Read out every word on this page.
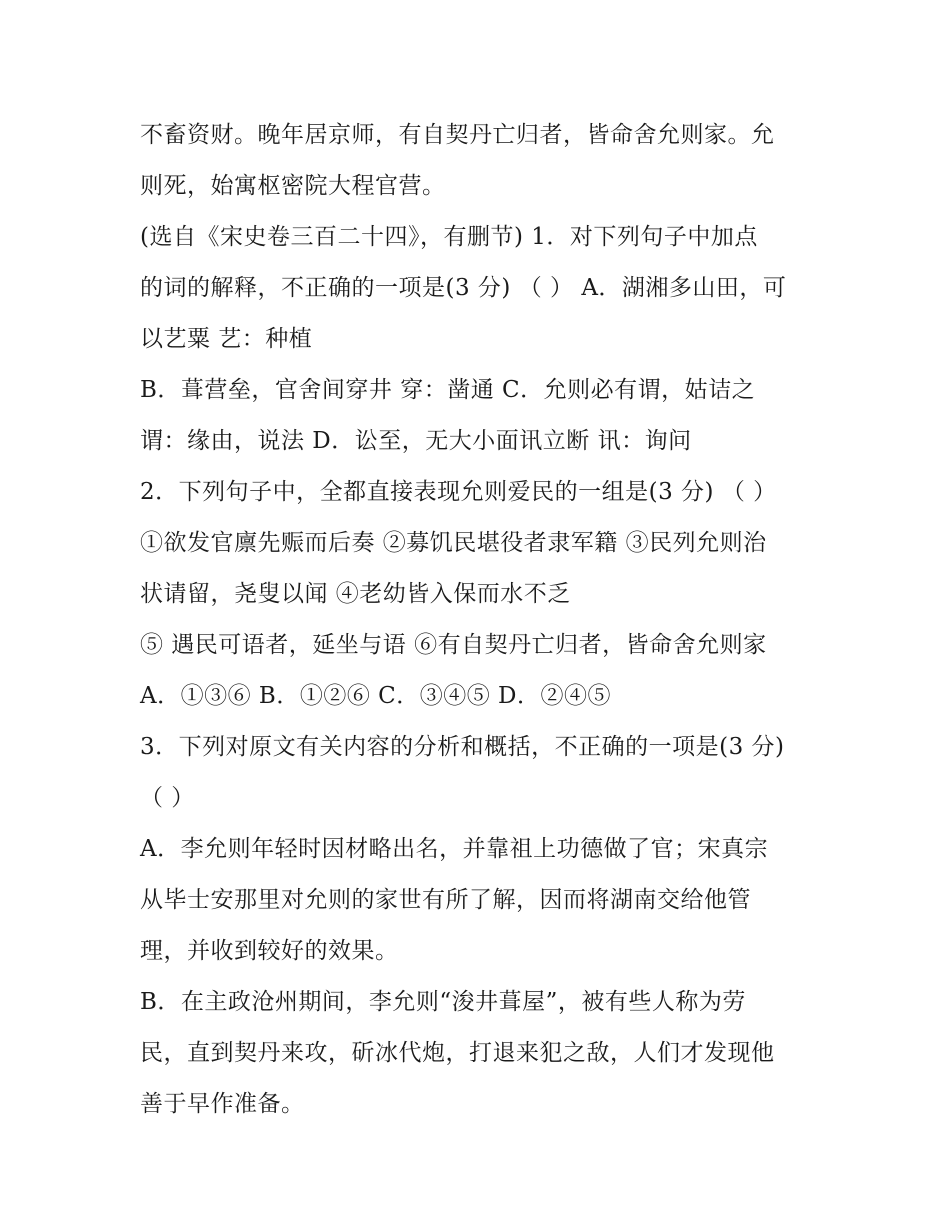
不畜资财。晚年居京师，有自契丹亡归者，皆命舍允则家。允
则死，始寓枢密院大程官营。
(选自《宋史卷三百二十四》，有删节) 1．对下列句子中加点
的词的解释，不正确的一项是(3 分) （ ） A．湖湘多山田，可
以艺粟 艺：种植
B．葺营垒，官舍间穿井 穿：凿通 C．允则必有谓，姑诘之
谓：缘由，说法 D．讼至，无大小面讯立断 讯：询问
2．下列句子中，全都直接表现允则爱民的一组是(3 分) （ ）
①欲发官廪先赈而后奏 ②募饥民堪役者隶军籍 ③民列允则治
状请留，尧叟以闻 ④老幼皆入保而水不乏
⑤ 遇民可语者，延坐与语 ⑥有自契丹亡归者，皆命舍允则家
A．①③⑥ B．①②⑥ C．③④⑤ D．②④⑤
3．下列对原文有关内容的分析和概括，不正确的一项是(3 分)
（ ）
A．李允则年轻时因材略出名，并靠祖上功德做了官；宋真宗
从毕士安那里对允则的家世有所了解，因而将湖南交给他管
理，并收到较好的效果。
B．在主政沧州期间，李允则“浚井葺屋”，被有些人称为劳
民，直到契丹来攻，斫冰代炮，打退来犯之敌，人们才发现他
善于早作准备。
